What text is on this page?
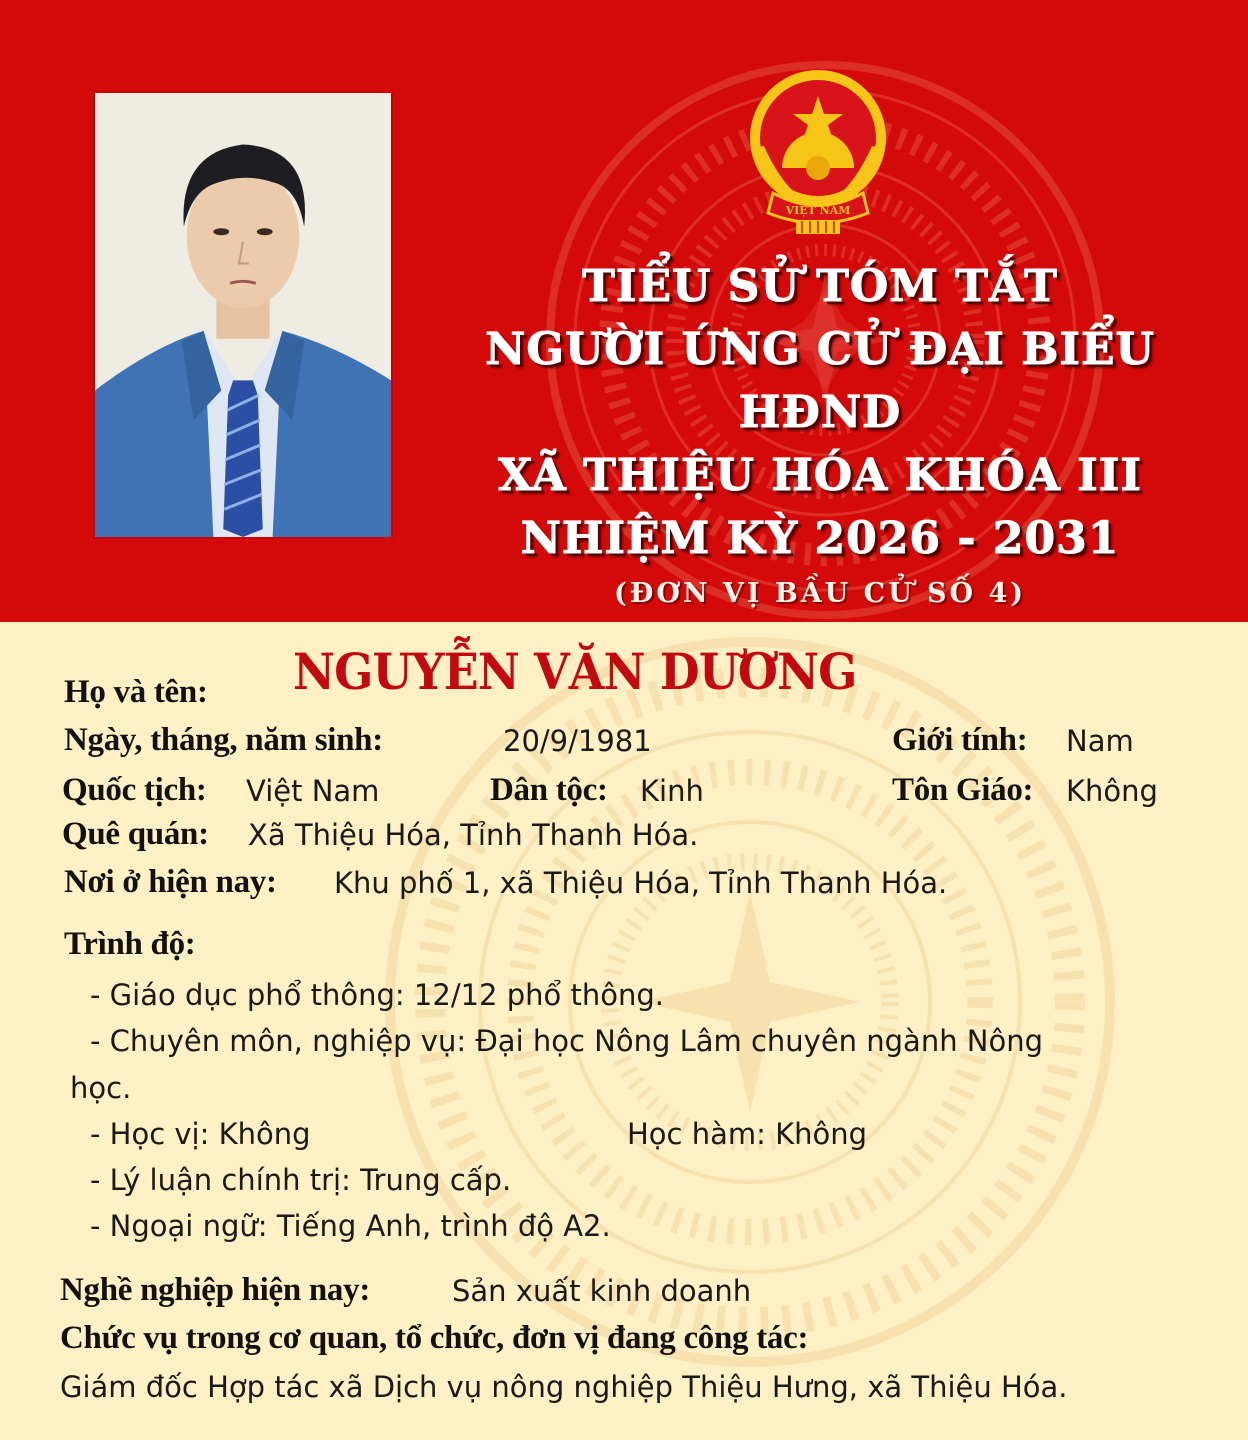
VIỆT NAM
TIỂU SỬ TÓM TẮT
NGƯỜI ỨNG CỬ ĐẠI BIỂU HĐND
XÃ THIỆU HÓA KHÓA III
NHIỆM KỲ 2026 - 2031
(ĐƠN VỊ BẦU CỬ SỐ 4)
Họ và tên: NGUYỄN VĂN DƯƠNG
Ngày, tháng, năm sinh:	20/9/1981	Giới tính: Nam
Quốc tịch: Việt Nam	Dân tộc: Kinh	Tôn Giáo: Không
Quê quán: Xã Thiệu Hóa, Tỉnh Thanh Hóa.
Nơi ở hiện nay: Khu phố 1, xã Thiệu Hóa, Tỉnh Thanh Hóa.
Trình độ:
- Giáo dục phổ thông: 12/12 phổ thông.
- Chuyên môn, nghiệp vụ: Đại học Nông Lâm chuyên ngành Nông
học.
- Học vị: Không	Học hàm: Không
- Lý luận chính trị: Trung cấp.
- Ngoại ngữ: Tiếng Anh, trình độ A2.
Nghề nghiệp hiện nay:	Sản xuất kinh doanh
Chức vụ trong cơ quan, tổ chức, đơn vị đang công tác:
Giám đốc Hợp tác xã Dịch vụ nông nghiệp Thiệu Hưng, xã Thiệu Hóa.
